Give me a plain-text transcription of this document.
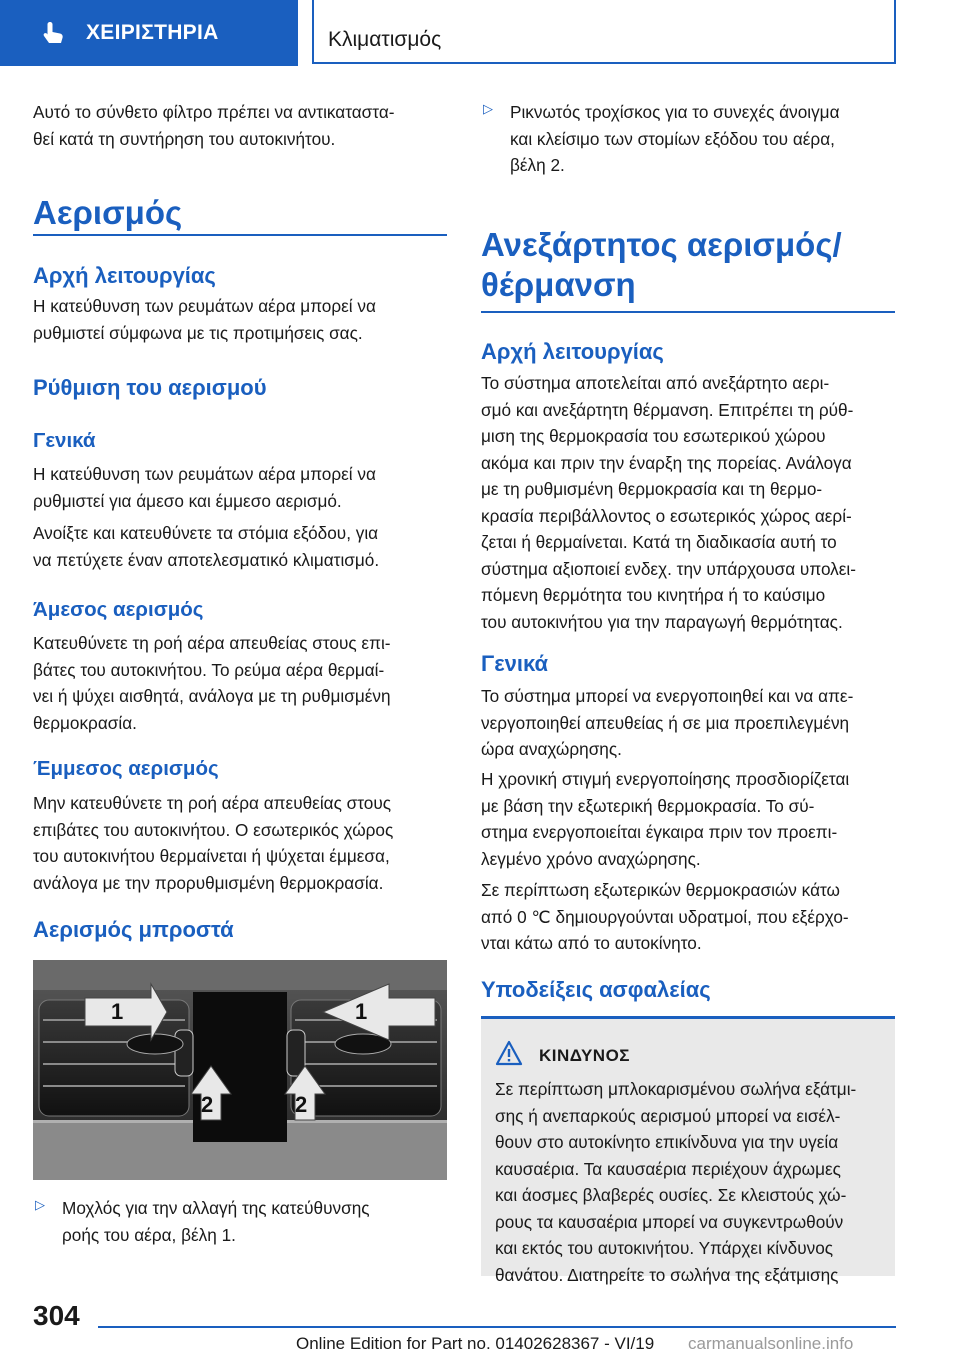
ΧΕΙΡΙΣΤΗΡΙΑ	Κλιματισμός

Αυτό το σύνθετο φίλτρο πρέπει να αντικαταστα-

θεί κατά τη συντήρηση του αυτοκινήτου.

Αερισμός

Αρχή λειτουργίας

Η κατεύθυνση των ρευμάτων αέρα μπορεί να

ρυθμιστεί σύμφωνα με τις προτιμήσεις σας.

Ρύθμιση του αερισμού

Γενικά

Η κατεύθυνση των ρευμάτων αέρα μπορεί να

ρυθμιστεί για άμεσο και έμμεσο αερισμό.

Ανοίξτε και κατευθύνετε τα στόμια εξόδου, για

να πετύχετε έναν αποτελεσματικό κλιματισμό.

Άμεσος αερισμός

Κατευθύνετε τη ροή αέρα απευθείας στους επι-

βάτες του αυτοκινήτου. Το ρεύμα αέρα θερμαί-

νει ή ψύχει αισθητά, ανάλογα με τη ρυθμισμένη

θερμοκρασία.

Έμμεσος αερισμός

Μην κατευθύνετε τη ροή αέρα απευθείας στους

επιβάτες του αυτοκινήτου. Ο εσωτερικός χώρος

του αυτοκινήτου θερμαίνεται ή ψύχεται έμμεσα,

ανάλογα με την προρυθμισμένη θερμοκρασία.

Αερισμός μπροστά

1
2
1
2
▷ Μοχλός για την αλλαγή της κατεύθυνσης

ροής του αέρα, βέλη 1.

▷ Ρικνωτός τροχίσκος για το συνεχές άνοιγμα

και κλείσιμο των στομίων εξόδου του αέρα,

βέλη 2.

Ανεξάρτητος αερισμός/

θέρμανση

Αρχή λειτουργίας

Το σύστημα αποτελείται από ανεξάρτητο αερι-

σμό και ανεξάρτητη θέρμανση. Επιτρέπει τη ρύθ-

μιση της θερμοκρασία του εσωτερικού χώρου

ακόμα και πριν την έναρξη της πορείας. Ανάλογα

με τη ρυθμισμένη θερμοκρασία και τη θερμο-

κρασία περιβάλλοντος ο εσωτερικός χώρος αερί-

ζεται ή θερμαίνεται. Κατά τη διαδικασία αυτή το

σύστημα αξιοποιεί ενδεχ. την υπάρχουσα υπολει-

πόμενη θερμότητα του κινητήρα ή το καύσιμο

του αυτοκινήτου για την παραγωγή θερμότητας.

Γενικά

Το σύστημα μπορεί να ενεργοποιηθεί και να απε-

νεργοποιηθεί απευθείας ή σε μια προεπιλεγμένη

ώρα αναχώρησης.

Η χρονική στιγμή ενεργοποίησης προσδιορίζεται

με βάση την εξωτερική θερμοκρασία. Το σύ-

στημα ενεργοποιείται έγκαιρα πριν τον προεπι-

λεγμένο χρόνο αναχώρησης.

Σε περίπτωση εξωτερικών θερμοκρασιών κάτω

από 0 ℃ δημιουργούνται υδρατμοί, που εξέρχο-

νται κάτω από το αυτοκίνητο.

Υποδείξεις ασφαλείας

ΚΙΝΔΥΝΟΣ

Σε περίπτωση μπλοκαρισμένου σωλήνα εξάτμι-

σης ή ανεπαρκούς αερισμού μπορεί να εισέλ-

θουν στο αυτοκίνητο επικίνδυνα για την υγεία

καυσαέρια. Τα καυσαέρια περιέχουν άχρωμες

και άοσμες βλαβερές ουσίες. Σε κλειστούς χώ-

ρους τα καυσαέρια μπορεί να συγκεντρωθούν

και εκτός του αυτοκινήτου. Υπάρχει κίνδυνος

θανάτου. Διατηρείτε το σωλήνα της εξάτμισης

304
Online Edition for Part no. 01402628367 - VI/19 carmanualsonline.info
